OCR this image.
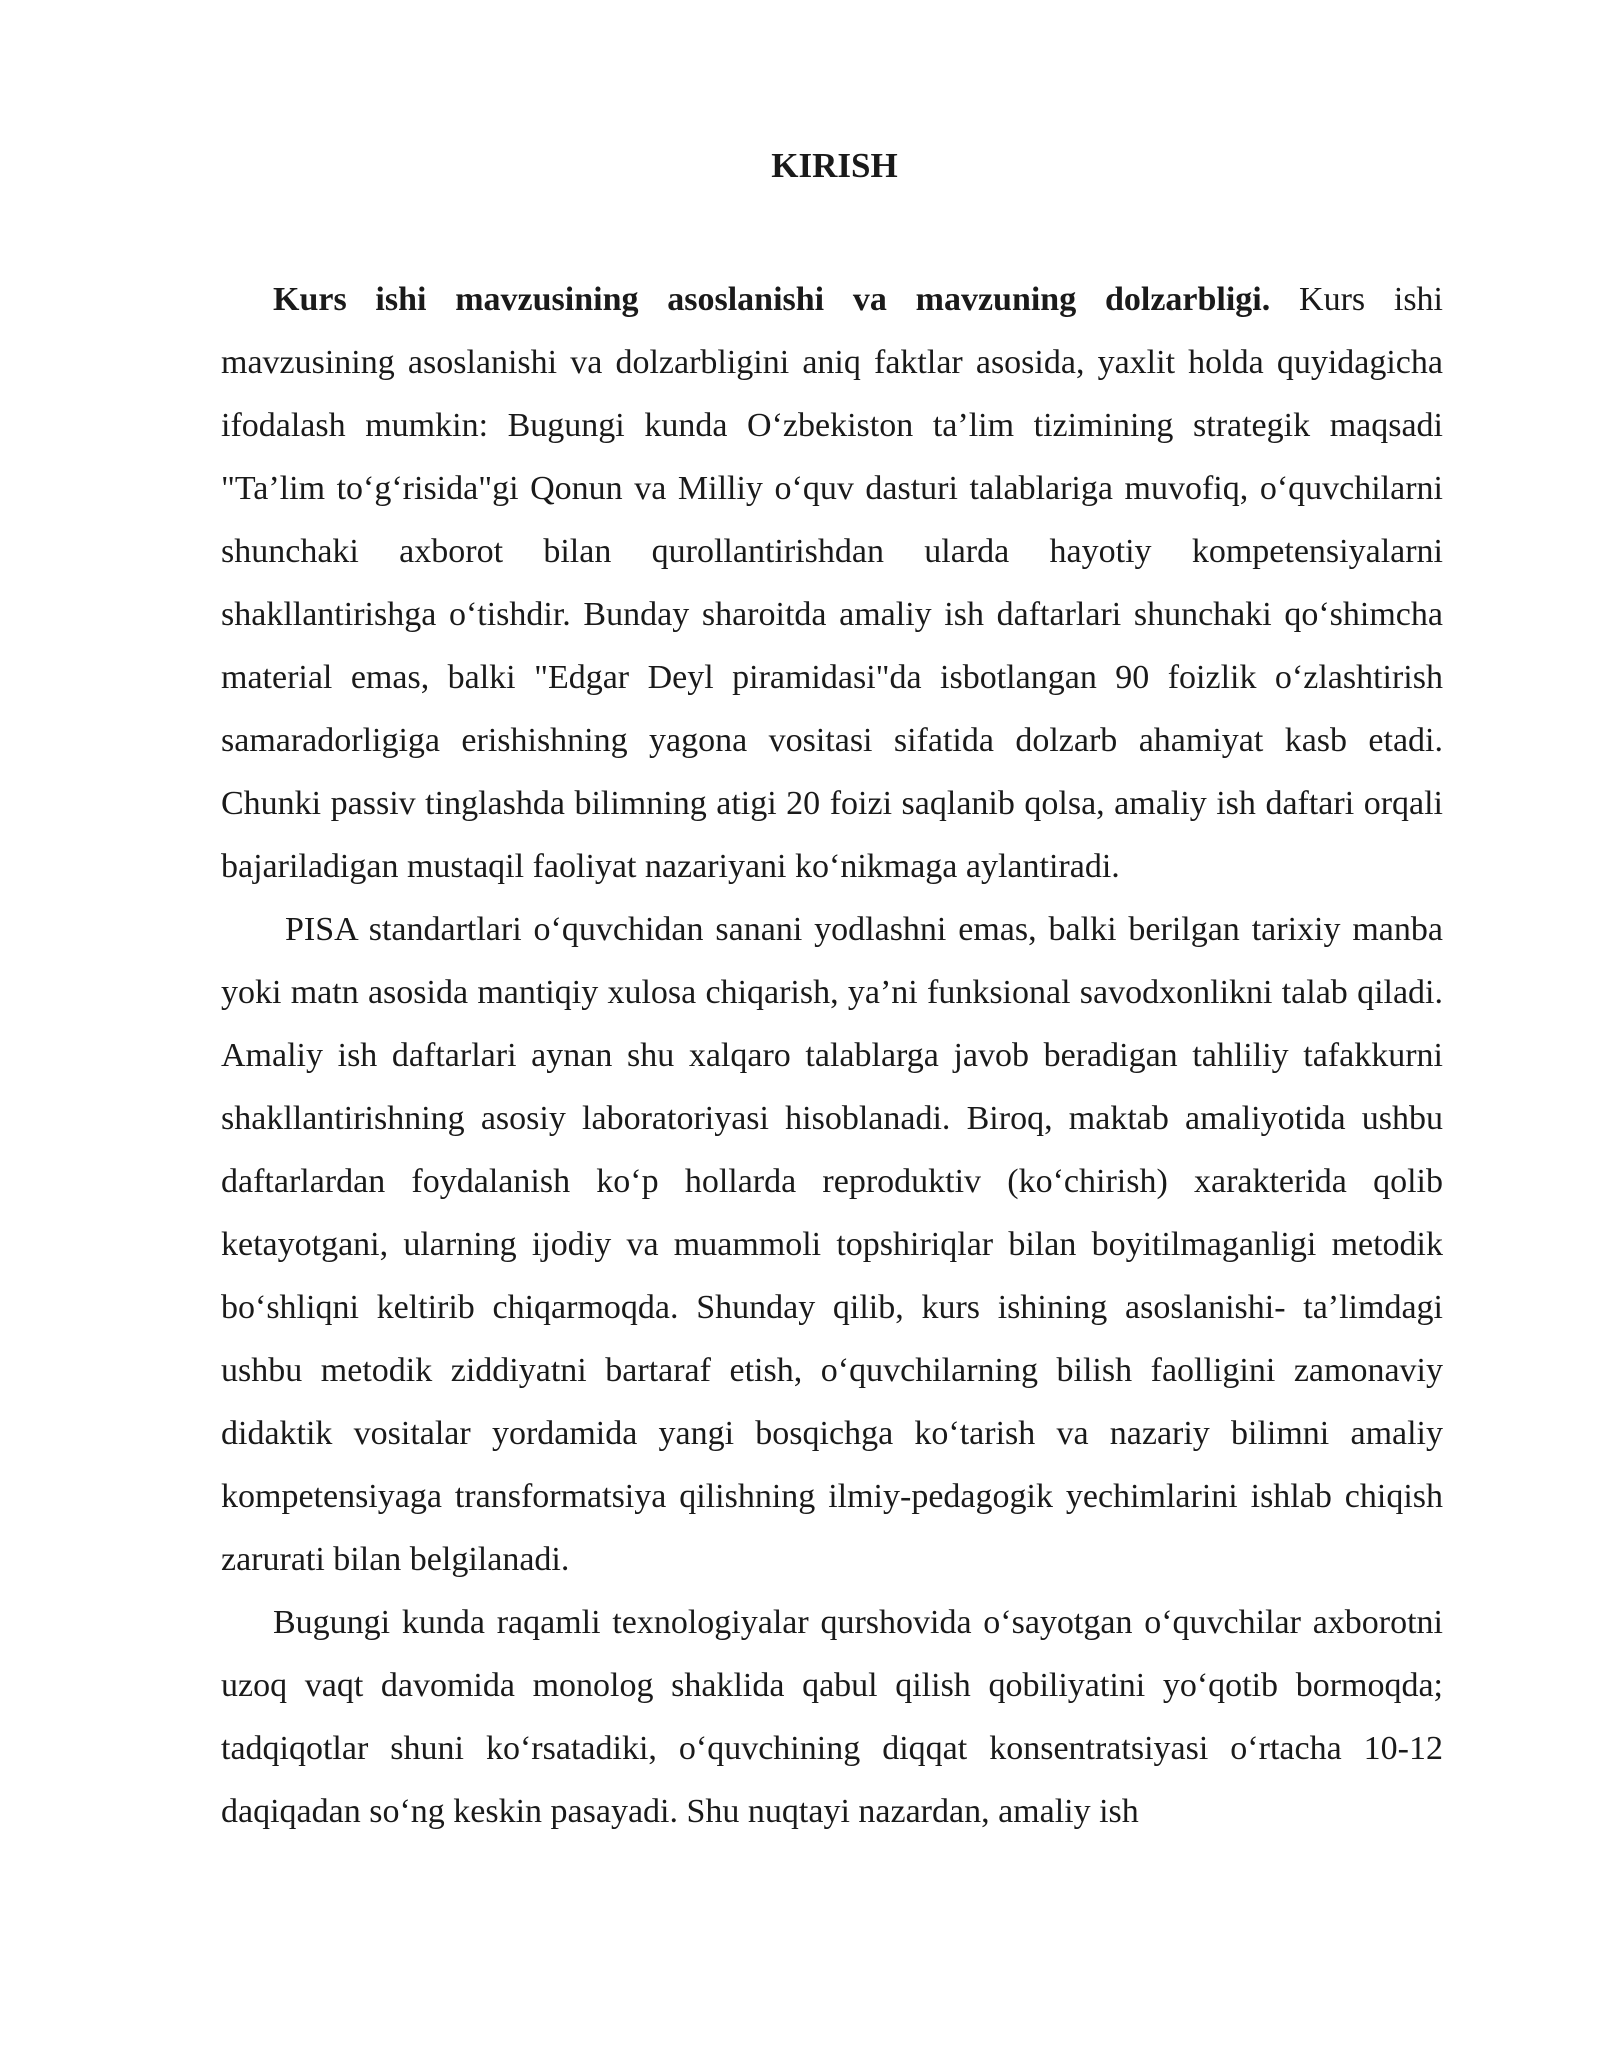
KIRISH

Kurs ishi mavzusining asoslanishi va mavzuning dolzarbligi. Kurs ishi mavzusining asoslanishi va dolzarbligini aniq faktlar asosida, yaxlit holda quyidagicha ifodalash mumkin: Bugungi kunda O‘zbekiston ta’lim tizimining strategik maqsadi "Ta’lim to‘g‘risida"gi Qonun va Milliy o‘quv dasturi talablariga muvofiq, o‘quvchilarni shunchaki axborot bilan qurollantirishdan ularda hayotiy kompetensiyalarni shakllantirishga o‘tishdir. Bunday sharoitda amaliy ish daftarlari shunchaki qo‘shimcha material emas, balki "Edgar Deyl piramidasi"da isbotlangan 90 foizlik o‘zlashtirish samaradorligiga erishishning yagona vositasi sifatida dolzarb ahamiyat kasb etadi. Chunki passiv tinglashda bilimning atigi 20 foizi saqlanib qolsa, amaliy ish daftari orqali bajariladigan mustaqil faoliyat nazariyani ko‘nikmaga aylantiradi.

PISA standartlari o‘quvchidan sanani yodlashni emas, balki berilgan tarixiy manba yoki matn asosida mantiqiy xulosa chiqarish, ya’ni funksional savodxonlikni talab qiladi. Amaliy ish daftarlari aynan shu xalqaro talablarga javob beradigan tahliliy tafakkurni shakllantirishning asosiy laboratoriyasi hisoblanadi. Biroq, maktab amaliyotida ushbu daftarlardan foydalanish ko‘p hollarda reproduktiv (ko‘chirish) xarakterida qolib ketayotgani, ularning ijodiy va muammoli topshiriqlar bilan boyitilmaganligi metodik bo‘shliqni keltirib chiqarmoqda. Shunday qilib, kurs ishining asoslanishi- ta’limdagi ushbu metodik ziddiyatni bartaraf etish, o‘quvchilarning bilish faolligini zamonaviy didaktik vositalar yordamida yangi bosqichga ko‘tarish va nazariy bilimni amaliy kompetensiyaga transformatsiya qilishning ilmiy-pedagogik yechimlarini ishlab chiqish zarurati bilan belgilanadi.

Bugungi kunda raqamli texnologiyalar qurshovida o‘sayotgan o‘quvchilar axborotni uzoq vaqt davomida monolog shaklida qabul qilish qobiliyatini yo‘qotib bormoqda; tadqiqotlar shuni ko‘rsatadiki, o‘quvchining diqqat konsentratsiyasi o‘rtacha 10-12 daqiqadan so‘ng keskin pasayadi. Shu nuqtayi nazardan, amaliy ish
